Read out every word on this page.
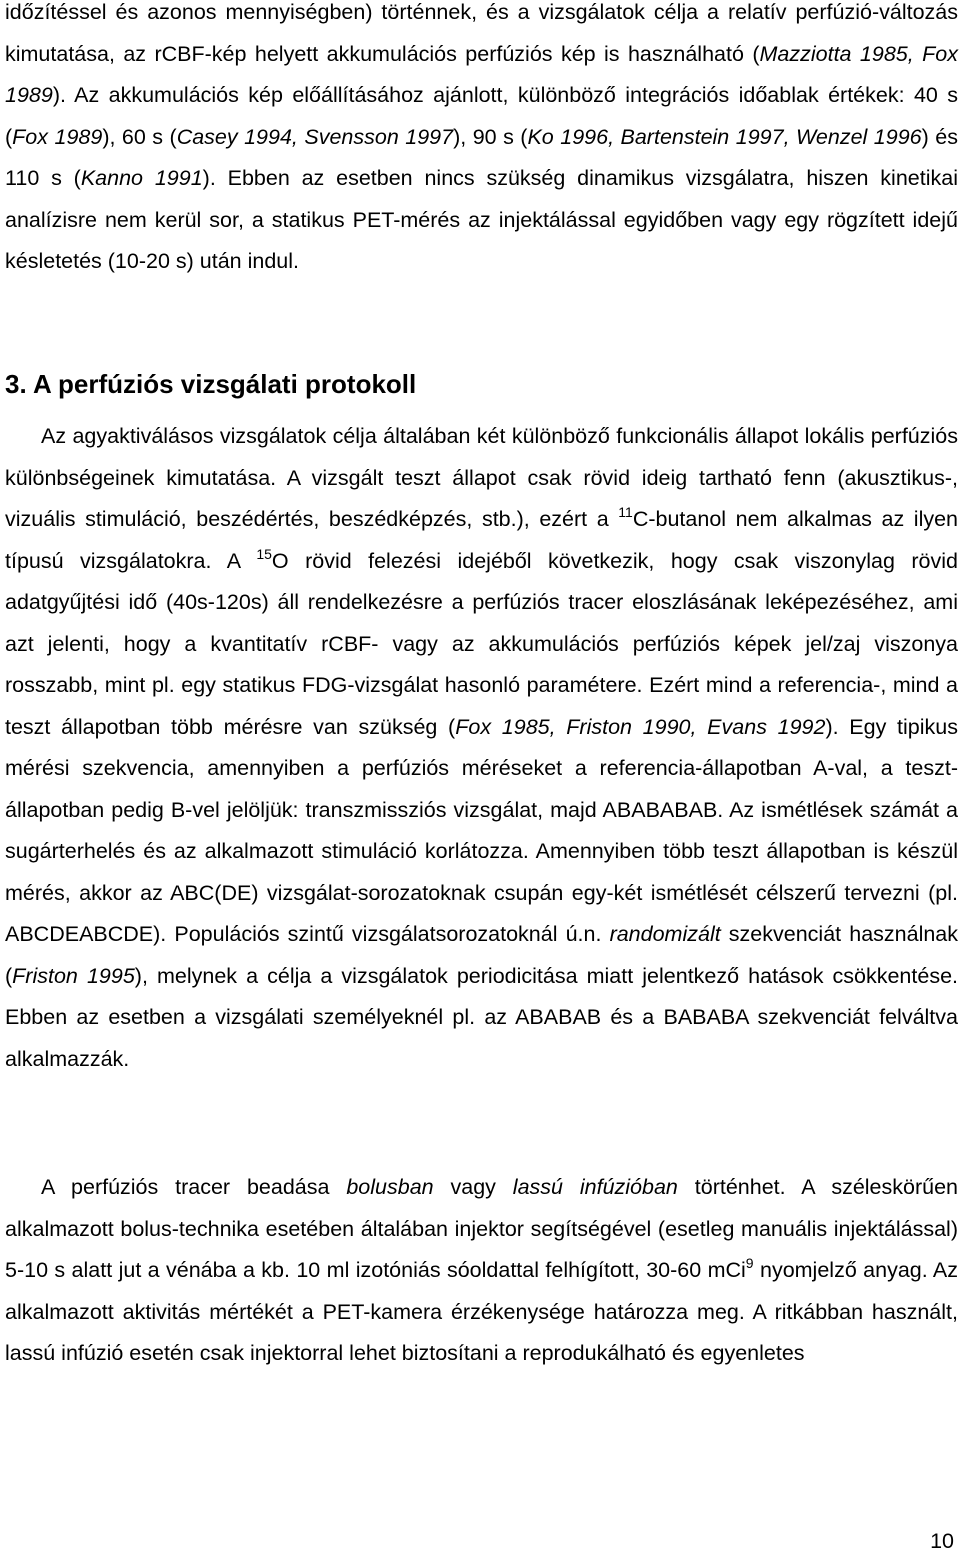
időzítéssel és azonos mennyiségben) történnek, és a vizsgálatok célja a relatív perfúzió-változás kimutatása, az rCBF-kép helyett akkumulációs perfúziós kép is használható (Mazziotta 1985, Fox 1989). Az akkumulációs kép előállításához ajánlott, különböző integrációs időablak értékek: 40 s (Fox 1989), 60 s (Casey 1994, Svensson 1997), 90 s (Ko 1996, Bartenstein 1997, Wenzel 1996) és 110 s (Kanno 1991). Ebben az esetben nincs szükség dinamikus vizsgálatra, hiszen kinetikai analízisre nem kerül sor, a statikus PET-mérés az injektálással egyidőben vagy egy rögzített idejű késletetés (10-20 s) után indul.

3. A perfúziós vizsgálati protokoll

Az agyaktiválásos vizsgálatok célja általában két különböző funkcionális állapot lokális perfúziós különbségeinek kimutatása. A vizsgált teszt állapot csak rövid ideig tartható fenn (akusztikus-, vizuális stimuláció, beszédértés, beszédképzés, stb.), ezért a $^{11}$C-butanol nem alkalmas az ilyen típusú vizsgálatokra. A $^{15}$O rövid felezési idejéből következik, hogy csak viszonylag rövid adatgyűjtési idő (40s-120s) áll rendelkezésre a perfúziós tracer eloszlásának leképezéséhez, ami azt jelenti, hogy a kvantitatív rCBF- vagy az akkumulációs perfúziós képek jel/zaj viszonya rosszabb, mint pl. egy statikus FDG-vizsgálat hasonló paramétere. Ezért mind a referencia-, mind a teszt állapotban több mérésre van szükség (Fox 1985, Friston 1990, Evans 1992). Egy tipikus mérési szekvencia, amennyiben a perfúziós méréseket a referencia-állapotban A-val, a teszt-állapotban pedig B-vel jelöljük: transzmissziós vizsgálat, majd ABABABAB. Az ismétlések számát a sugárterhelés és az alkalmazott stimuláció korlátozza. Amennyiben több teszt állapotban is készül mérés, akkor az ABC(DE) vizsgálat-sorozatoknak csupán egy-két ismétlését célszerű tervezni (pl. ABCDEABCDE). Populációs szintű vizsgálatsorozatoknál ú.n. randomizált szekvenciát használnak (Friston 1995), melynek a célja a vizsgálatok periodicitása miatt jelentkező hatások csökkentése. Ebben az esetben a vizsgálati személyeknél pl. az ABABAB és a BABABA szekvenciát felváltva alkalmazzák.

A perfúziós tracer beadása bolusban vagy lassú infúzióban történhet. A széleskörűen alkalmazott bolus-technika esetében általában injektor segítségével (esetleg manuális injektálással) 5-10 s alatt jut a vénába a kb. 10 ml izotóniás sóoldattal felhígított, 30-60 mCi$^9$ nyomjelző anyag. Az alkalmazott aktivitás mértékét a PET-kamera érzékenysége határozza meg. A ritkábban használt, lassú infúzió esetén csak injektorral lehet biztosítani a reprodukálható és egyenletes

10
